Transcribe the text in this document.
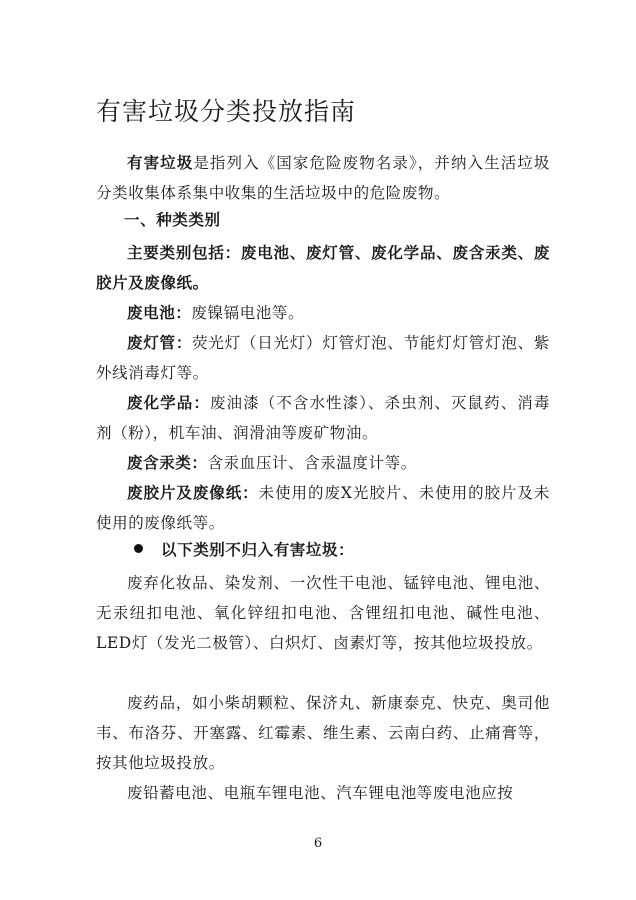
有害垃圾分类投放指南
有害垃圾是指列入《国家危险废物名录》，并纳入生活垃圾分类收集体系集中收集的生活垃圾中的危险废物。
一、种类类别
主要类别包括：废电池、废灯管、废化学品、废含汞类、废胶片及废像纸。
废电池：废镍镉电池等。
废灯管：荧光灯（日光灯）灯管灯泡、节能灯灯管灯泡、紫外线消毒灯等。
废化学品：废油漆（不含水性漆）、杀虫剂、灭鼠药、消毒剂（粉），机车油、润滑油等废矿物油。
废含汞类：含汞血压计、含汞温度计等。
废胶片及废像纸：未使用的废X光胶片、未使用的胶片及未使用的废像纸等。
以下类别不归入有害垃圾：
废弃化妆品、染发剂、一次性干电池、锰锌电池、锂电池、无汞纽扣电池、氧化锌纽扣电池、含锂纽扣电池、碱性电池、LED灯（发光二极管）、白炽灯、卤素灯等，按其他垃圾投放。
废药品，如小柴胡颗粒、保济丸、新康泰克、快克、奥司他韦、布洛芬、开塞露、红霉素、维生素、云南白药、止痛膏等，按其他垃圾投放。
废铅蓄电池、电瓶车锂电池、汽车锂电池等废电池应按
6
